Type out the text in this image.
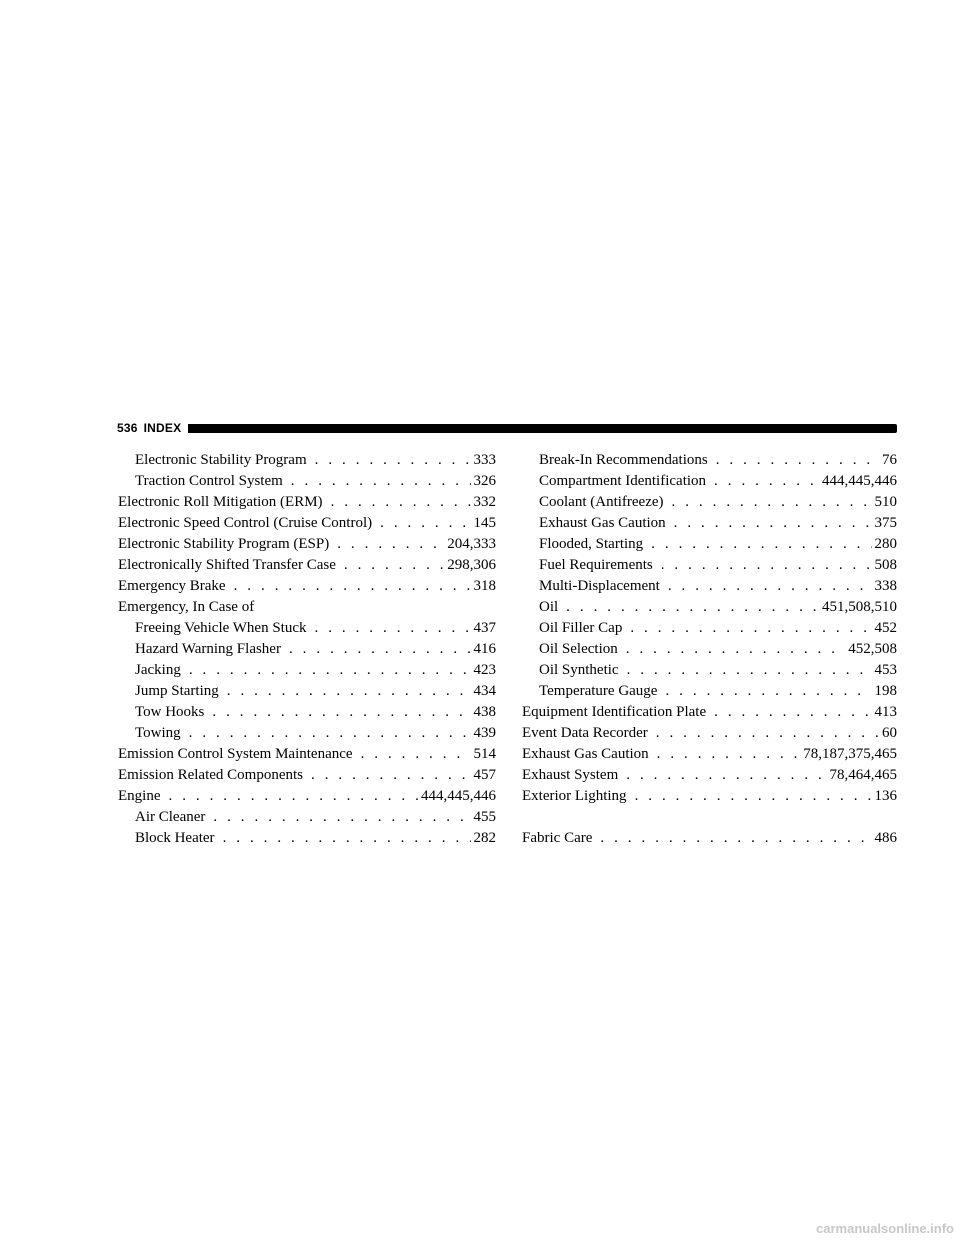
536 INDEX
Electronic Stability Program . . .	333
Traction Control System . . .	326
Electronic Roll Mitigation (ERM) . . .	332
Electronic Speed Control (Cruise Control) . . .	145
Electronic Stability Program (ESP) . . .	204,333
Electronically Shifted Transfer Case . . .	298,306
Emergency Brake . . .	318
Emergency, In Case of
Freeing Vehicle When Stuck . . .	437
Hazard Warning Flasher . . .	416
Jacking . . .	423
Jump Starting . . .	434
Tow Hooks . . .	438
Towing . . .	439
Emission Control System Maintenance . . .	514
Emission Related Components . . .	457
Engine . . .	444,445,446
Air Cleaner . . .	455
Block Heater . . .	282
Break-In Recommendations . . .	76
Compartment Identification . . .	444,445,446
Coolant (Antifreeze) . . .	510
Exhaust Gas Caution . . .	375
Flooded, Starting . . .	280
Fuel Requirements . . .	508
Multi-Displacement . . .	338
Oil . . .	451,508,510
Oil Filler Cap . . .	452
Oil Selection . . .	452,508
Oil Synthetic . . .	453
Temperature Gauge . . .	198
Equipment Identification Plate . . .	413
Event Data Recorder . . .	60
Exhaust Gas Caution . . .	78,187,375,465
Exhaust System . . .	78,464,465
Exterior Lighting . . .	136
Fabric Care . . .	486
carmanualsonline.info
